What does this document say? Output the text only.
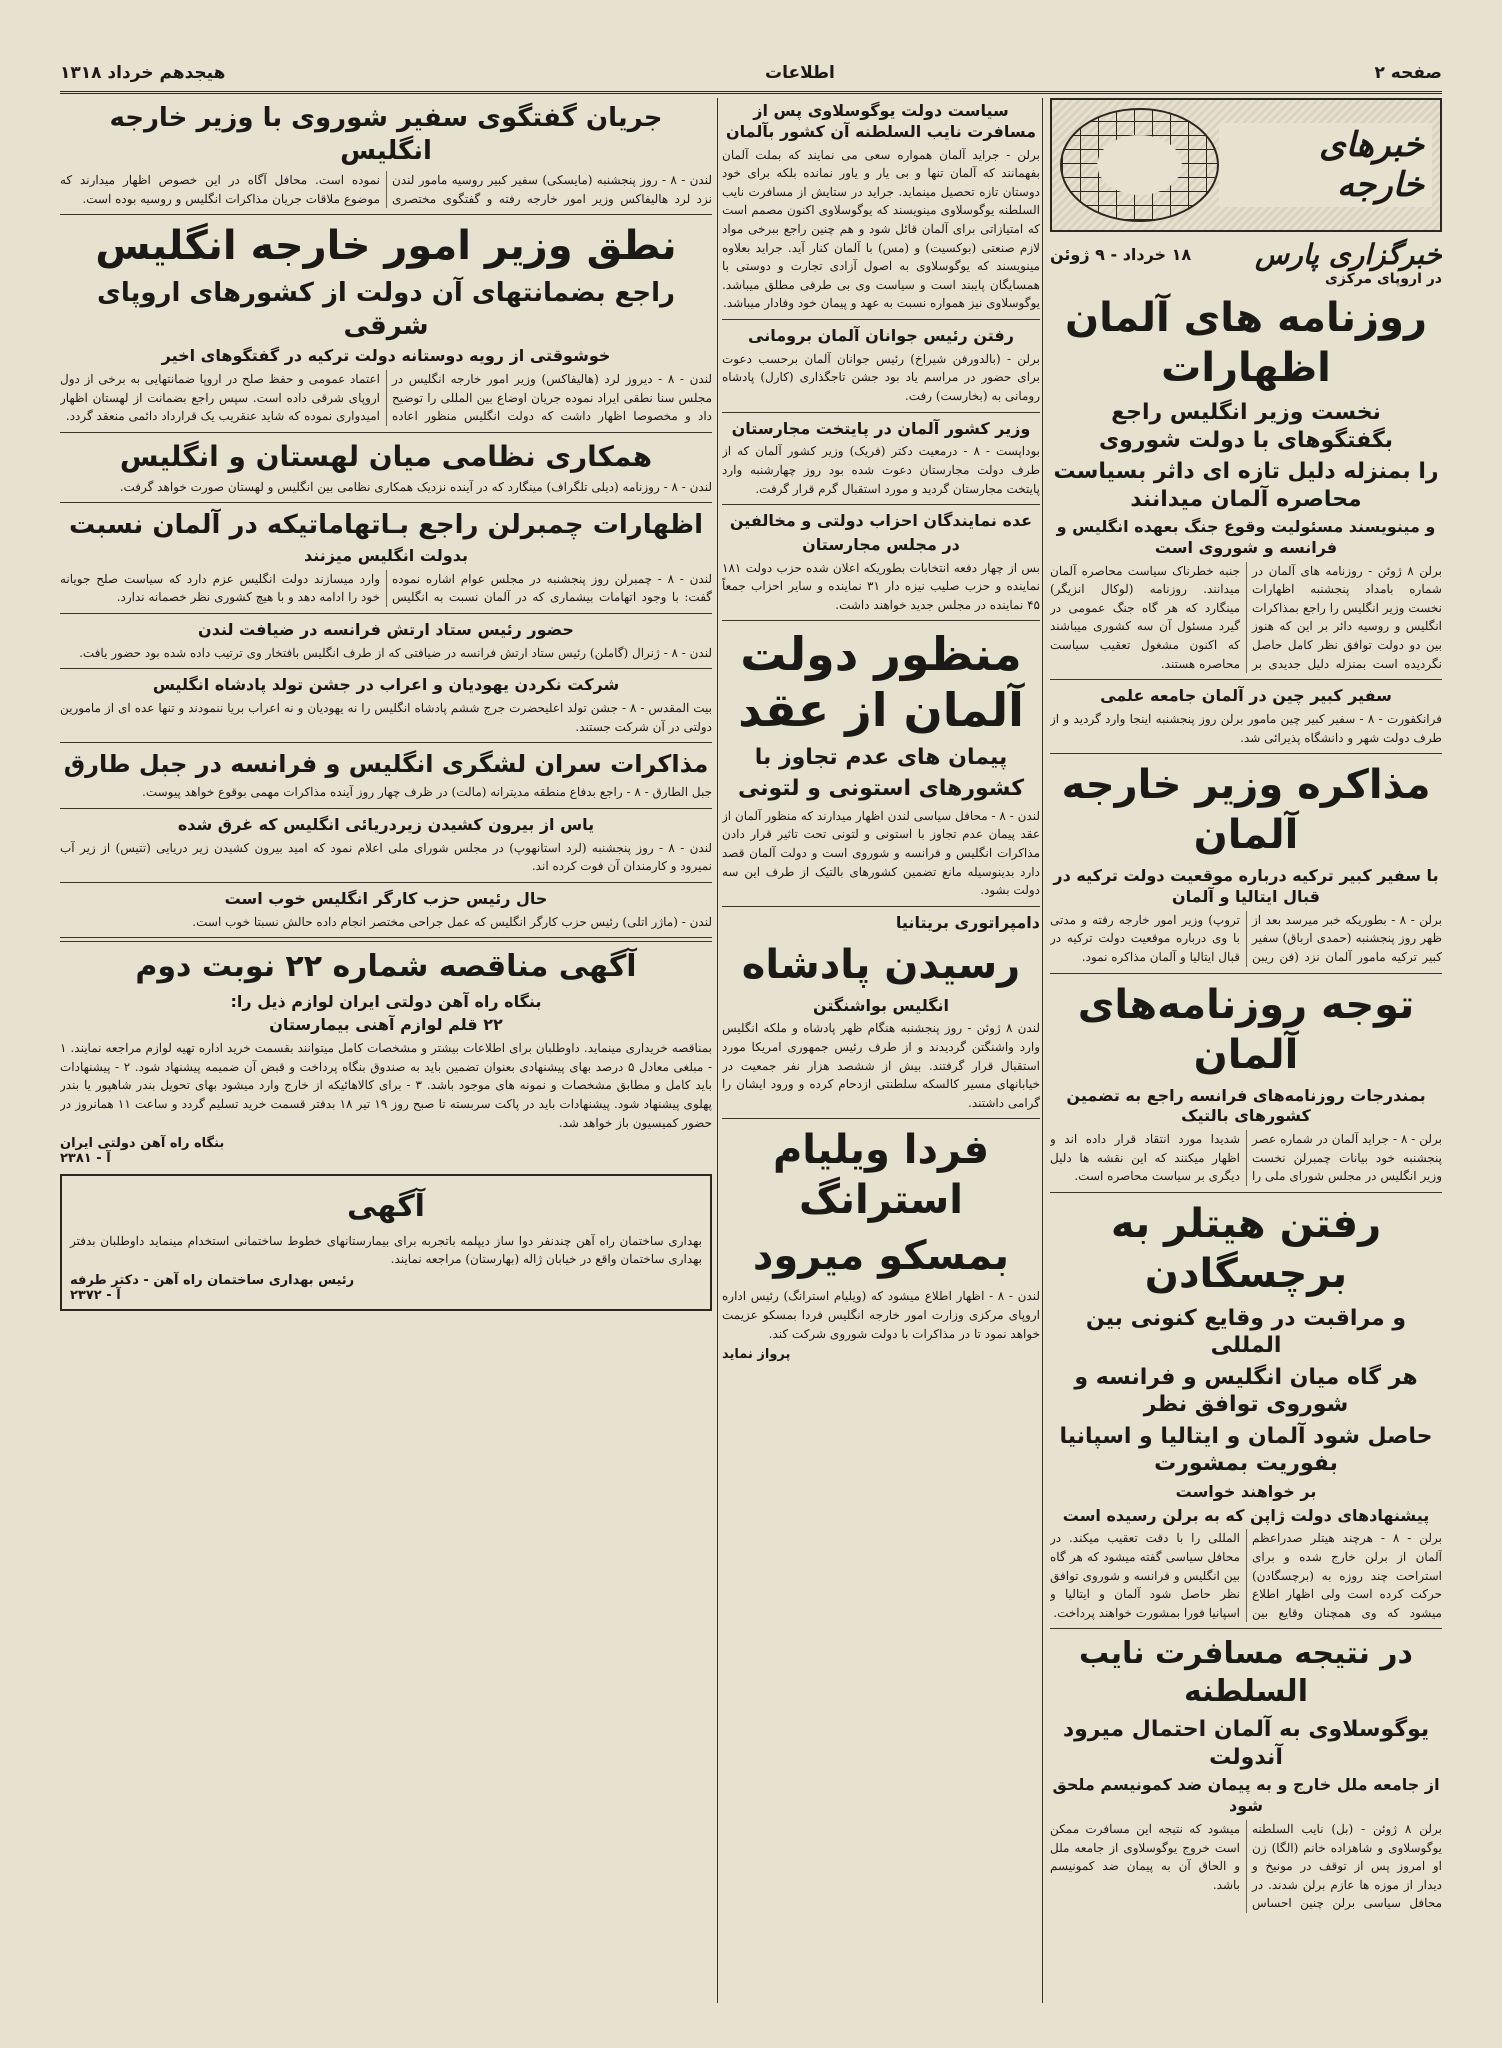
صفحه ۲
اطلاعات
هیجدهم خرداد ۱۳۱۸
خبرهای خارجه
خبرگزاری پارس
۱۸ خرداد - ۹ ژوئن
در اروپای مرکزی
روزنامه های آلمان اظهارات
نخست وزیر انگلیس راجع بگفتگوهای با دولت شوروی
را بمنزله دلیل تازه ای داثر بسیاست محاصره آلمان میدانند
و مینویسند مسئولیت وقوع جنگ بعهده انگلیس و فرانسه و شوروی است
برلن ۸ ژوئن - روزنامه های آلمان در شماره بامداد پنجشنبه اظهارات نخست وزیر انگلیس را راجع بمذاکرات انگلیس و روسیه دائر بر این که هنوز بین دو دولت توافق نظر کامل حاصل نگردیده است بمنزله دلیل جدیدی بر جنبه خطرناک سیاست محاصره آلمان میدانند. روزنامه (لوکال انزیگر) مینگارد که هر گاه جنگ عمومی در گیرد مسئول آن سه کشوری میباشند که اکنون مشغول تعقیب سیاست محاصره هستند.
سفیر کبیر چین در آلمان جامعه علمی
فرانکفورت - ۸ - سفیر کبیر چین مامور برلن روز پنجشنبه اینجا وارد گردید و از طرف دولت شهر و دانشگاه پذیرائی شد.
مذاکره وزیر خارجه آلمان
با سفیر کبیر ترکیه درباره موقعیت دولت ترکیه در قبال ایتالیا و آلمان
برلن - ۸ - بطوریکه خبر میرسد بعد از ظهر روز پنجشنبه (حمدی ارباق) سفیر کبیر ترکیه مامور آلمان نزد (فن ریبن تروپ) وزیر امور خارجه رفته و مدتی با وی درباره موقعیت دولت ترکیه در قبال ایتالیا و آلمان مذاکره نمود.
توجه روزنامه‌های آلمان
بمندرجات روزنامه‌های فرانسه راجع به تضمین کشورهای بالتیک
برلن - ۸ - جراید آلمان در شماره عصر پنجشنبه خود بیانات چمبرلن نخست وزیر انگلیس در مجلس شورای ملی را شدیدا مورد انتقاد قرار داده اند و اظهار میکنند که این نقشه ها دلیل دیگری بر سیاست محاصره است.
رفتن هیتلر به برچسگادن
و مراقبت در وقایع کنونی بین المللی
هر گاه میان انگلیس و فرانسه و شوروی توافق نظر
حاصل شود آلمان و ایتالیا و اسپانیا بفوریت بمشورت
بر خواهند خواست
پیشنهادهای دولت ژاپن که به برلن رسیده است
برلن - ۸ - هرچند هیتلر صدراعظم آلمان از برلن خارج شده و برای استراحت چند روزه به (برچسگادن) حرکت کرده است ولی اظهار اطلاع میشود که وی همچنان وقایع بین المللی را با دقت تعقیب میکند. در محافل سیاسی گفته میشود که هر گاه بین انگلیس و فرانسه و شوروی توافق نظر حاصل شود آلمان و ایتالیا و اسپانیا فورا بمشورت خواهند پرداخت.
در نتیجه مسافرت نایب السلطنه
یوگوسلاوی به آلمان احتمال میرود آندولت
از جامعه ملل خارج و به پیمان ضد کمونیسم ملحق شود
برلن ۸ ژوئن - (بل) نایب السلطنه یوگوسلاوی و شاهزاده خانم (الگا) زن او امروز پس از توقف در مونیخ و دیدار از موزه ها عازم برلن شدند. در محافل سیاسی برلن چنین احساس میشود که نتیجه این مسافرت ممکن است خروج یوگوسلاوی از جامعه ملل و الحاق آن به پیمان ضد کمونیسم باشد.
سیاست دولت یوگوسلاوی پس از مسافرت نایب السلطنه آن کشور بآلمان
برلن - جراید آلمان همواره سعی می نمایند که بملت آلمان بفهمانند که آلمان تنها و بی یار و یاور نمانده بلکه برای خود دوستان تازه تحصیل مینماید. جراید در ستایش از مسافرت نایب السلطنه یوگوسلاوی مینویسند که یوگوسلاوی اکنون مصمم است که امتیازاتی برای آلمان قائل شود و هم چنین راجع ببرخی مواد لازم صنعتی (بوکسیت) و (مس) با آلمان کنار آید. جراید بعلاوه مینویسند که یوگوسلاوی به اصول آزادی تجارت و دوستی با همسایگان پایبند است و سیاست وی بی طرفی مطلق میباشد. یوگوسلاوی نیز همواره نسبت به عهد و پیمان خود وفادار میباشد.
رفتن رئیس جوانان آلمان برومانی
برلن - (بالدورفن شیراخ) رئیس جوانان آلمان برحسب دعوت برای حضور در مراسم یاد بود جشن تاجگذاری (کارل) پادشاه رومانی به (بخارست) رفت.
وزیر کشور آلمان در پایتخت مجارستان
بوداپست - ۸ - درمعیت دکتر (فریک) وزیر کشور آلمان که از طرف دولت مجارستان دعوت شده بود روز چهارشنبه وارد پایتخت مجارستان گردید و مورد استقبال گرم قرار گرفت.
عده نمایندگان احزاب دولتی و مخالفین
در مجلس مجارستان
بس از چهار دفعه انتخابات بطوریکه اعلان شده حزب دولت ۱۸۱ نماینده و حزب صلیب نیزه دار ۳۱ نماینده و سایر احزاب جمعاً ۴۵ نماینده در مجلس جدید خواهند داشت.
منظور دولت آلمان از عقد
پیمان های عدم تجاوز با
کشورهای استونی و لتونی
لندن - ۸ - محافل سیاسی لندن اظهار میدارند که منظور آلمان از عقد پیمان عدم تجاوز با استونی و لتونی تحت تاثیر قرار دادن مذاکرات انگلیس و فرانسه و شوروی است و دولت آلمان قصد دارد بدینوسیله مانع تضمین کشورهای بالتیک از طرف این سه دولت بشود.
دامپراتوری بریتانیا
رسیدن پادشاه
انگلیس بواشنگتن
لندن ۸ ژوئن - روز پنجشنبه هنگام ظهر پادشاه و ملکه انگلیس وارد واشنگتن گردیدند و از طرف رئیس جمهوری امریکا مورد استقبال قرار گرفتند. بیش از ششصد هزار نفر جمعیت در خیابانهای مسیر کالسکه سلطنتی ازدحام کرده و ورود ایشان را گرامی داشتند.
فردا ویلیام استرانگ
بمسکو میرود
لندن - ۸ - اظهار اطلاع میشود که (ویلیام استرانگ) رئیس اداره اروپای مرکزی وزارت امور خارجه انگلیس فردا بمسکو عزیمت خواهد نمود تا در مذاکرات با دولت شوروی شرکت کند.
پرواز نماید
جریان گفتگوی سفیر شوروی با وزیر خارجه انگلیس
لندن - ۸ - روز پنجشنبه (مایسکی) سفیر کبیر روسیه مامور لندن نزد لرد هالیفاکس وزیر امور خارجه رفته و گفتگوی مختصری نموده است. محافل آگاه در این خصوص اظهار میدارند که موضوع ملاقات جریان مذاکرات انگلیس و روسیه بوده است.
نطق وزیر امور خارجه انگلیس
راجع بضمانتهای آن دولت از کشورهای اروپای شرقی
خوشوقتی از رویه دوستانه دولت ترکیه در گفتگوهای اخیر
لندن - ۸ - دیروز لرد (هالیفاکس) وزیر امور خارجه انگلیس در مجلس سنا نطقی ایراد نموده جریان اوضاع بین المللی را توضیح داد و مخصوصا اظهار داشت که دولت انگلیس منظور اعاده اعتماد عمومی و حفظ صلح در اروپا ضمانتهایی به برخی از دول اروپای شرقی داده است. سپس راجع بضمانت از لهستان اظهار امیدواری نموده که شاید عنقریب یک قرارداد دائمی منعقد گردد.
همکاری نظامی میان لهستان و انگلیس
لندن - ۸ - روزنامه (دیلی تلگراف) مینگارد که در آینده نزدیک همکاری نظامی بین انگلیس و لهستان صورت خواهد گرفت.
اظهارات چمبرلن راجع بـاتهاماتیکه در آلمان نسبت
بدولت انگلیس میزنند
لندن - ۸ - چمبرلن روز پنجشنبه در مجلس عوام اشاره نموده گفت: با وجود اتهامات بیشماری که در آلمان نسبت به انگلیس وارد میسازند دولت انگلیس عزم دارد که سیاست صلح جویانه خود را ادامه دهد و با هیچ کشوری نظر خصمانه ندارد.
حضور رئیس ستاد ارتش فرانسه در ضیافت لندن
لندن - ۸ - ژنرال (گاملن) رئیس ستاد ارتش فرانسه در ضیافتی که از طرف انگلیس بافتخار وی ترتیب داده شده بود حضور یافت.
شرکت نکردن یهودیان و اعراب در جشن تولد پادشاه انگلیس
بیت المقدس - ۸ - جشن تولد اعلیحضرت جرج ششم پادشاه انگلیس را نه یهودیان و نه اعراب بریا ننمودند و تنها عده ای از مامورین دولتی در آن شرکت جستند.
مذاکرات سران لشگری انگلیس و فرانسه در جبل طارق
جبل الطارق - ۸ - راجع بدفاع منطقه مدیترانه (مالت) در ظرف چهار روز آینده مذاکرات مهمی بوقوع خواهد پیوست.
یاس از بیرون کشیدن زیردریائی انگلیس که غرق شده
لندن - ۸ - روز پنجشنبه (لرد استانهوپ) در مجلس شورای ملی اعلام نمود که امید بیرون کشیدن زیر دریایی (تتیس) از زیر آب نمیرود و کارمندان آن فوت کرده اند.
حال رئیس حزب کارگر انگلیس خوب است
لندن - (ماژر اتلی) رئیس حزب کارگر انگلیس که عمل جراحی مختصر انجام داده حالش نسبتا خوب است.
آگهی مناقصه شماره ۲۲ نوبت دوم
بنگاه راه آهن دولتی ایران لوازم ذیل را:
۲۲ قلم لوازم آهنی بیمارستان
بمناقصه خریداری مینماید. داوطلبان برای اطلاعات بیشتر و مشخصات کامل میتوانند بقسمت خرید اداره تهیه لوازم مراجعه نمایند. ۱ - مبلغی معادل ۵ درصد بهای پیشنهادی بعنوان تضمین باید به صندوق بنگاه پرداخت و قبض آن ضمیمه پیشنهاد شود. ۲ - پیشنهادات باید کامل و مطابق مشخصات و نمونه های موجود باشد. ۳ - برای کالاهائیکه از خارج وارد میشود بهای تحویل بندر شاهپور یا بندر پهلوی پیشنهاد شود. پیشنهادات باید در پاکت سربسته تا صبح روز ۱۹ تیر ۱۸ بدفتر قسمت خرید تسلیم گردد و ساعت ۱۱ همانروز در حضور کمیسیون باز خواهد شد.
بنگاه راه آهن دولتی ایران
آ - ۲۳۸۱
آگهی
بهداری ساختمان راه آهن چندنفر دوا ساز دیپلمه باتجربه برای بیمارستانهای خطوط ساختمانی استخدام مینماید داوطلبان بدفتر بهداری ساختمان واقع در خیابان ژاله (بهارستان) مراجعه نمایند.
رئیس بهداری ساختمان راه آهن - دکتر طرفه
آ - ۲۳۷۲
